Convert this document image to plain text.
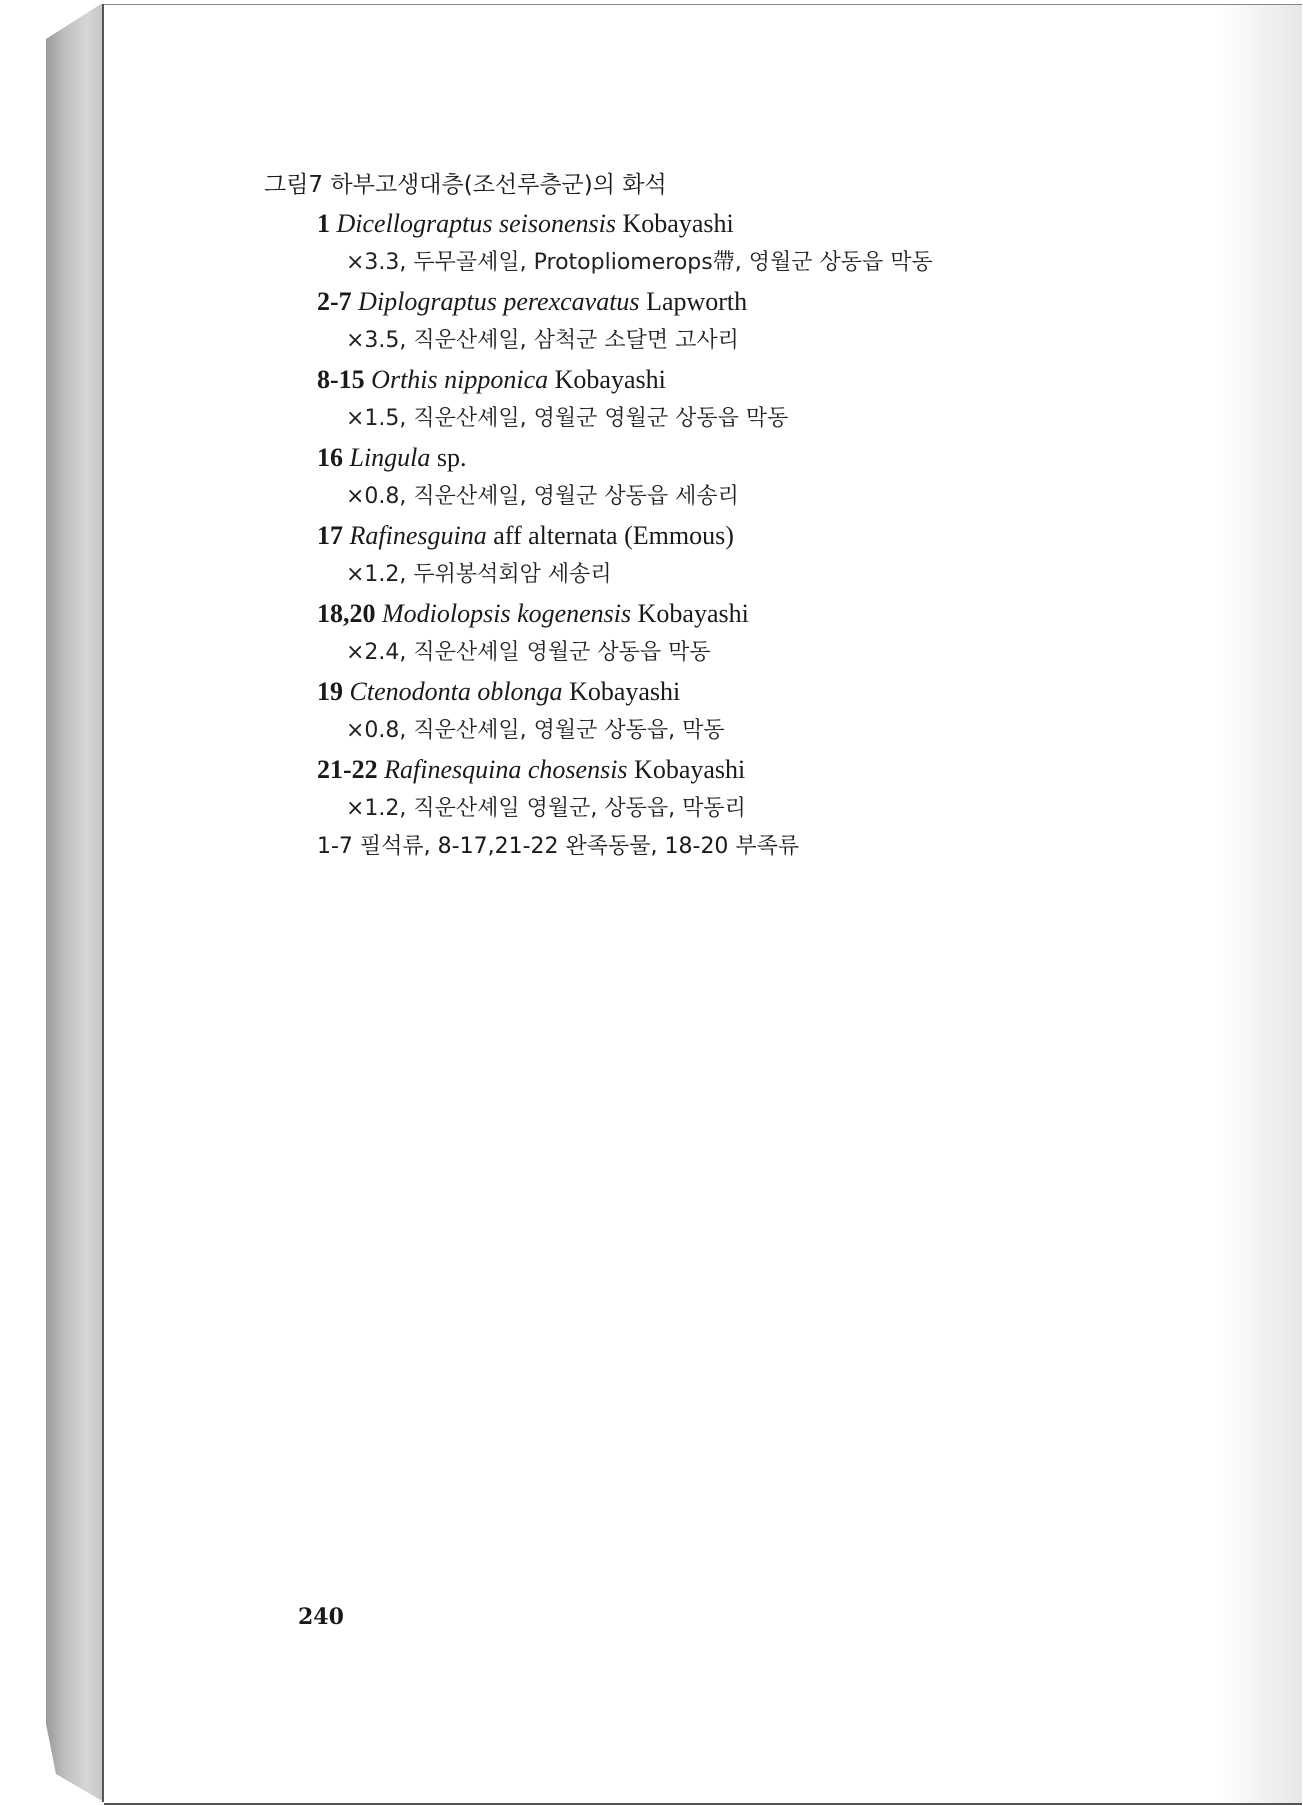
그림7 하부고생대층(조선루층군)의 화석
1 Dicellograptus seisonensis Kobayashi
×3.3, 두무골셰일, Protopliomerops帶, 영월군 상동읍 막동
2-7 Diplograptus perexcavatus Lapworth
×3.5, 직운산셰일, 삼척군 소달면 고사리
8-15 Orthis nipponica Kobayashi
×1.5, 직운산셰일, 영월군 영월군 상동읍 막동
16 Lingula sp.
×0.8, 직운산셰일, 영월군 상동읍 세송리
17 Rafinesguina aff alternata (Emmous)
×1.2, 두위봉석회암 세송리
18,20 Modiolopsis kogenensis Kobayashi
×2.4, 직운산셰일 영월군 상동읍 막동
19 Ctenodonta oblonga Kobayashi
×0.8, 직운산셰일, 영월군 상동읍, 막동
21-22 Rafinesquina chosensis Kobayashi
×1.2, 직운산셰일 영월군, 상동읍, 막동리
1-7 필석류, 8-17,21-22 완족동물, 18-20 부족류
240
